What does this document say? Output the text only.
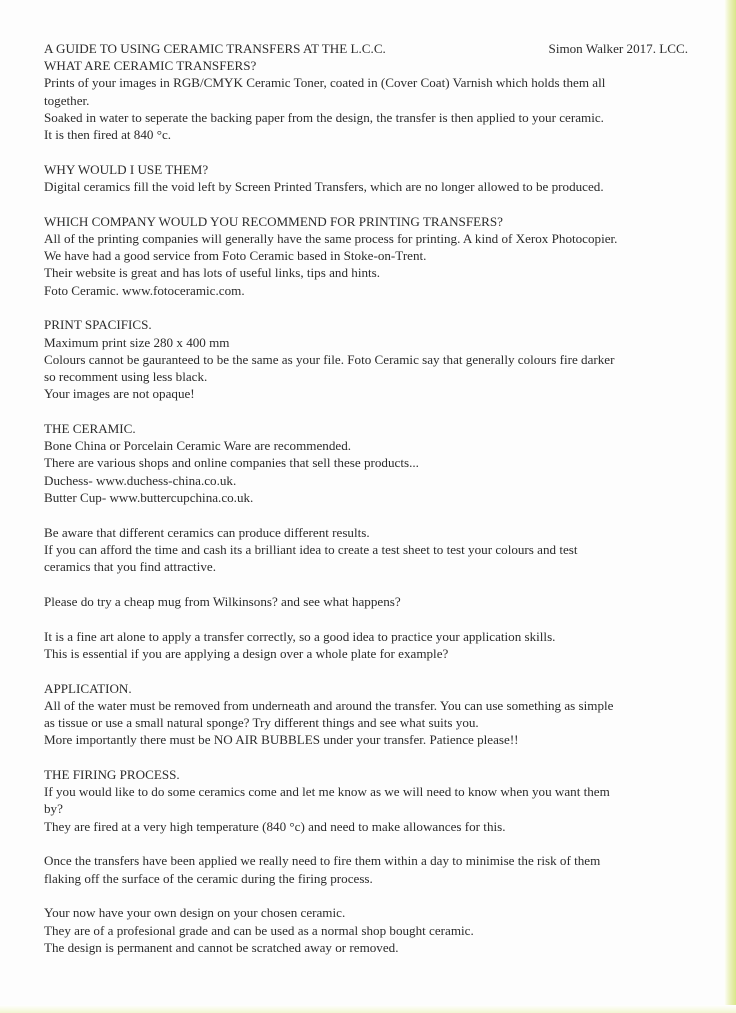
A GUIDE TO USING CERAMIC TRANSFERS AT THE L.C.C.	Simon Walker 2017. LCC.
WHAT ARE CERAMIC TRANSFERS?
Prints of your images in RGB/CMYK Ceramic Toner, coated in (Cover Coat) Varnish which holds them all
together.
Soaked in water to seperate the backing paper from the design, the transfer is then applied to your ceramic.
It is then fired at 840 °c.
WHY WOULD I USE THEM?
Digital ceramics fill the void left by Screen Printed Transfers, which are no longer allowed to be produced.
WHICH COMPANY WOULD YOU RECOMMEND FOR PRINTING TRANSFERS?
All of the printing companies will generally have the same process for printing. A kind of Xerox Photocopier.
We have had a good service from Foto Ceramic based in Stoke-on-Trent.
Their website is great and has lots of useful links, tips and hints.
Foto Ceramic. www.fotoceramic.com.
PRINT SPACIFICS.
Maximum print size 280 x 400 mm
Colours cannot be gauranteed to be the same as your file. Foto Ceramic say that generally colours fire darker
so recomment using less black.
Your images are not opaque!
THE CERAMIC.
Bone China or Porcelain Ceramic Ware are recommended.
There are various shops and online companies that sell these products...
Duchess- www.duchess-china.co.uk.
Butter Cup- www.buttercupchina.co.uk.
Be aware that different ceramics can produce different results.
If you can afford the time and cash its a brilliant idea to create a test sheet to test your colours and test
ceramics that you find attractive.
Please do try a cheap mug from Wilkinsons? and see what happens?
It is a fine art alone to apply a transfer correctly, so a good idea to practice your application skills.
This is essential if you are applying a design over a whole plate for example?
APPLICATION.
All of the water must be removed from underneath and around the transfer. You can use something as simple
as tissue or use a small natural sponge? Try different things and see what suits you.
More importantly there must be NO AIR BUBBLES under your transfer. Patience please!!
THE FIRING PROCESS.
If you would like to do some ceramics come and let me know as we will need to know when you want them
by?
They are fired at a very high temperature (840 °c) and need to make allowances for this.
Once the transfers have been applied we really need to fire them within a day to minimise the risk of them
flaking off the surface of the ceramic during the firing process.
Your now have your own design on your chosen ceramic.
They are of a profesional grade and can be used as a normal shop bought ceramic.
The design is permanent and cannot be scratched away or removed.
